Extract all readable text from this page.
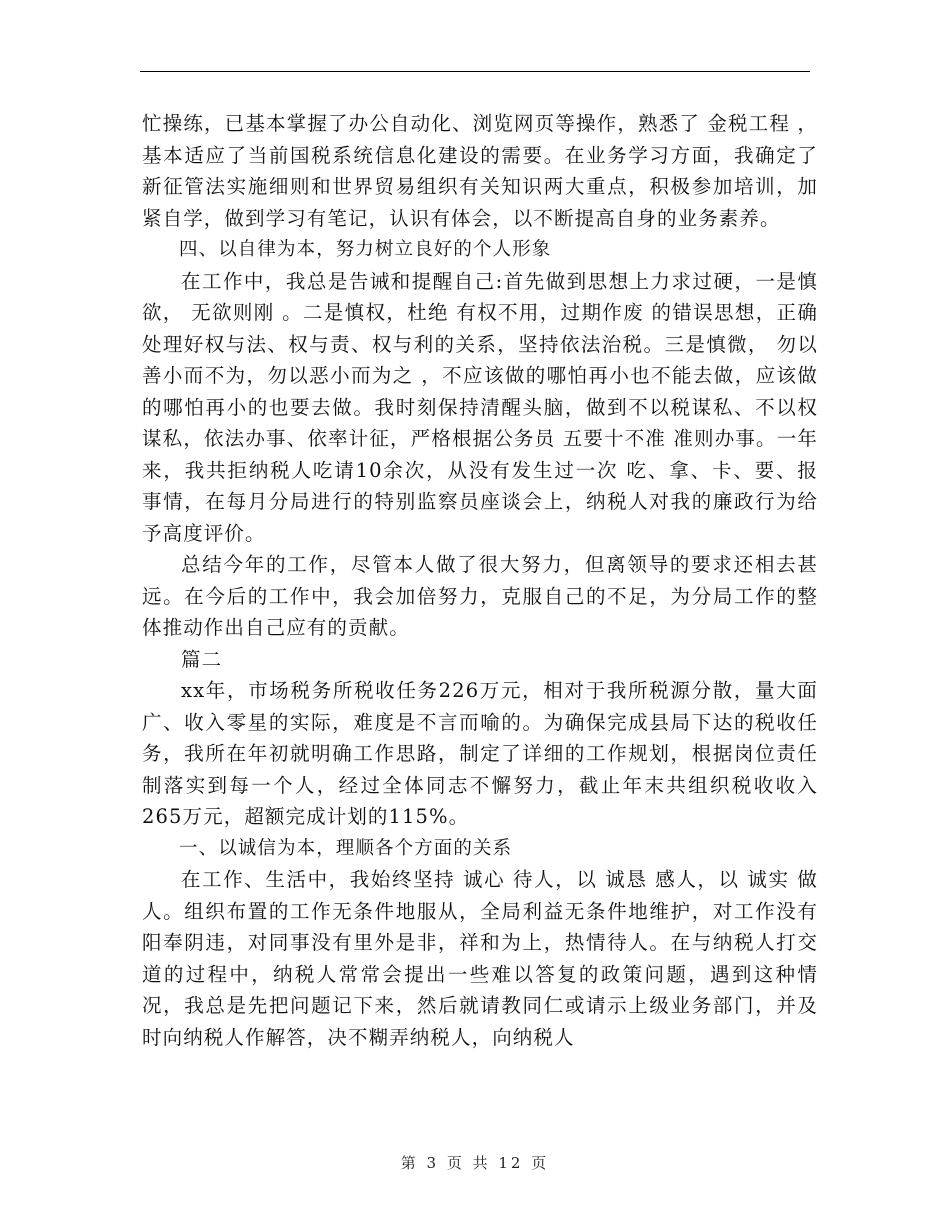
忙操练，已基本掌握了办公自动化、浏览网页等操作，熟悉了 金税工程 ，基本适应了当前国税系统信息化建设的需要。在业务学习方面，我确定了新征管法实施细则和世界贸易组织有关知识两大重点，积极参加培训，加紧自学，做到学习有笔记，认识有体会，以不断提高自身的业务素养。

四、以自律为本，努力树立良好的个人形象

在工作中，我总是告诫和提醒自己:首先做到思想上力求过硬，一是慎欲， 无欲则刚 。二是慎权，杜绝 有权不用，过期作废 的错误思想，正确处理好权与法、权与责、权与利的关系，坚持依法治税。三是慎微， 勿以善小而不为，勿以恶小而为之 ，不应该做的哪怕再小也不能去做，应该做的哪怕再小的也要去做。我时刻保持清醒头脑，做到不以税谋私、不以权谋私，依法办事、依率计征，严格根据公务员 五要十不准 准则办事。一年来，我共拒纳税人吃请10余次，从没有发生过一次 吃、拿、卡、要、报 事情，在每月分局进行的特别监察员座谈会上，纳税人对我的廉政行为给予高度评价。

总结今年的工作，尽管本人做了很大努力，但离领导的要求还相去甚远。在今后的工作中，我会加倍努力，克服自己的不足，为分局工作的整体推动作出自己应有的贡献。

篇二

xx年，市场税务所税收任务226万元，相对于我所税源分散，量大面广、收入零星的实际，难度是不言而喻的。为确保完成县局下达的税收任务，我所在年初就明确工作思路，制定了详细的工作规划，根据岗位责任制落实到每一个人，经过全体同志不懈努力，截止年末共组织税收收入265万元，超额完成计划的115%。

一、以诚信为本，理顺各个方面的关系

在工作、生活中，我始终坚持 诚心 待人，以 诚恳 感人，以 诚实 做人。组织布置的工作无条件地服从，全局利益无条件地维护，对工作没有阳奉阴违，对同事没有里外是非，祥和为上，热情待人。在与纳税人打交道的过程中，纳税人常常会提出一些难以答复的政策问题，遇到这种情况，我总是先把问题记下来，然后就请教同仁或请示上级业务部门，并及时向纳税人作解答，决不糊弄纳税人，向纳税人

第 3 页 共 12 页
